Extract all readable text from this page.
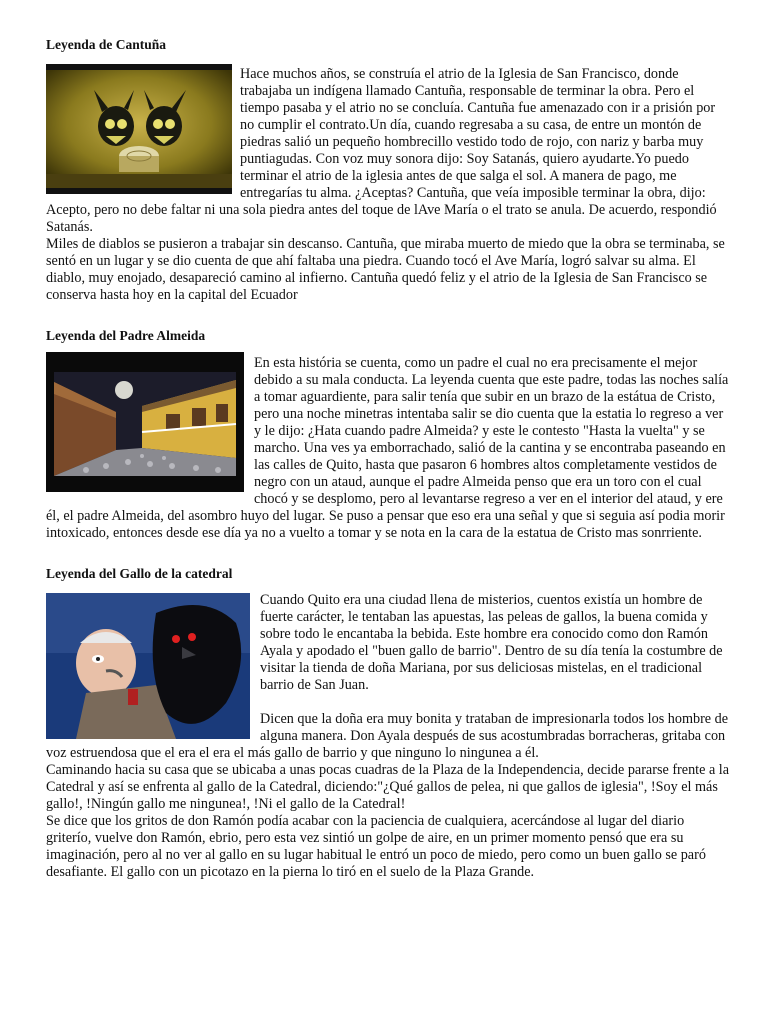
Leyenda de Cantuña

Hace muchos años, se construía el atrio de la Iglesia de San Francisco, donde trabajaba un indígena llamado Cantuña, responsable de terminar la obra. Pero el tiempo pasaba y el atrio no se concluía. Cantuña fue amenazado con ir a prisión por no cumplir el contrato.Un día, cuando regresaba a su casa, de entre un montón de piedras salió un pequeño hombrecillo vestido todo de rojo, con nariz y barba muy puntiagudas. Con voz muy sonora dijo: Soy Satanás, quiero ayudarte.Yo puedo terminar el atrio de la iglesia antes de que salga el sol. A manera de pago, me entregarías tu alma. ¿Aceptas? Cantuña, que veía imposible terminar la obra, dijo: Acepto, pero no debe faltar ni una sola piedra antes del toque de lAve María o el trato se anula. De acuerdo, respondió Satanás.

Miles de diablos se pusieron a trabajar sin descanso. Cantuña, que miraba muerto de miedo que la obra se terminaba, se sentó en un lugar y se dio cuenta de que ahí faltaba una piedra. Cuando tocó el Ave María, logró salvar su alma. El diablo, muy enojado, desapareció camino al infierno. Cantuña quedó feliz y el atrio de la Iglesia de San Francisco se conserva hasta hoy en la capital del Ecuador

Leyenda del Padre Almeida

En esta história se cuenta, como un padre el cual no era precisamente el mejor debido a su mala conducta. La leyenda cuenta que este padre, todas las noches salía a tomar aguardiente, para salir tenía que subir en un brazo de la estátua de Cristo, pero una noche minetras intentaba salir se dio cuenta que la estatia lo regreso a ver y le dijo: ¿Hata cuando padre Almeida? y este le contesto "Hasta la vuelta" y se marcho. Una ves ya emborrachado, salió de la cantina y se encontraba paseando en las calles de Quito, hasta que pasaron 6 hombres altos completamente vestidos de negro con un ataud, aunque el padre Almeida penso que era un toro con el cual chocó y se desplomo, pero al levantarse regreso a ver en el interior del ataud, y ere él, el padre Almeida, del asombro huyo del lugar. Se puso a pensar que eso era una señal y que si seguia así podia morir intoxicado, entonces desde ese día ya no a vuelto a tomar y se nota en la cara de la estatua de Cristo mas sonrriente.

Leyenda del Gallo de la catedral

Cuando Quito era una ciudad llena de misterios, cuentos existía un hombre de fuerte carácter, le tentaban las apuestas, las peleas de gallos, la buena comida y sobre todo le encantaba la bebida. Este hombre era conocido como don Ramón Ayala y apodado el "buen gallo de barrio". Dentro de su día tenía la costumbre de visitar la tienda de doña Mariana, por sus deliciosas mistelas, en el tradicional barrio de San Juan.

Dicen que la doña era muy bonita y trataban de impresionarla todos los hombre de alguna manera. Don Ayala después de sus acostumbradas borracheras, gritaba con voz estruendosa que el era el era el más gallo de barrio y que ninguno lo ningunea a él.

Caminando hacia su casa que se ubicaba a unas pocas cuadras de la Plaza de la Independencia, decide pararse frente a la Catedral y así se enfrenta al gallo de la Catedral, diciendo:"¿Qué gallos de pelea, ni que gallos de iglesia", !Soy el más gallo!, !Ningún gallo me ningunea!, !Ni el gallo de la Catedral!

Se dice que los gritos de don Ramón podía acabar con la paciencia de cualquiera, acercándose al lugar del diario griterío, vuelve don Ramón, ebrio, pero esta vez sintió un golpe de aire, en un primer momento pensó que era su imaginación, pero al no ver al gallo en su lugar habitual le entró un poco de miedo, pero como un buen gallo se paró desafiante. El gallo con un picotazo en la pierna lo tiró en el suelo de la Plaza Grande.
